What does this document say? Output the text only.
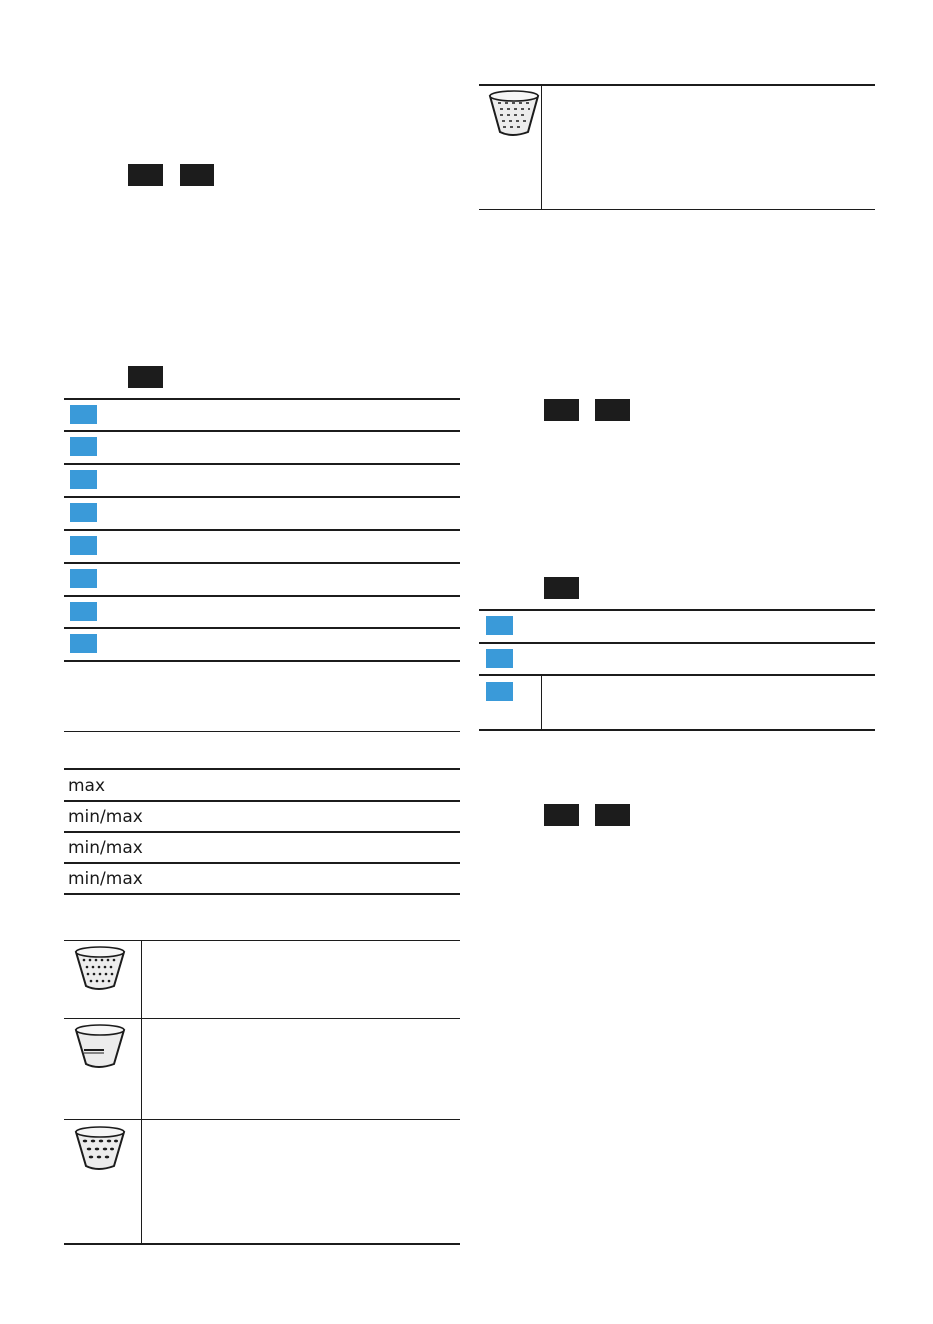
max
min/max
min/max
min/max
